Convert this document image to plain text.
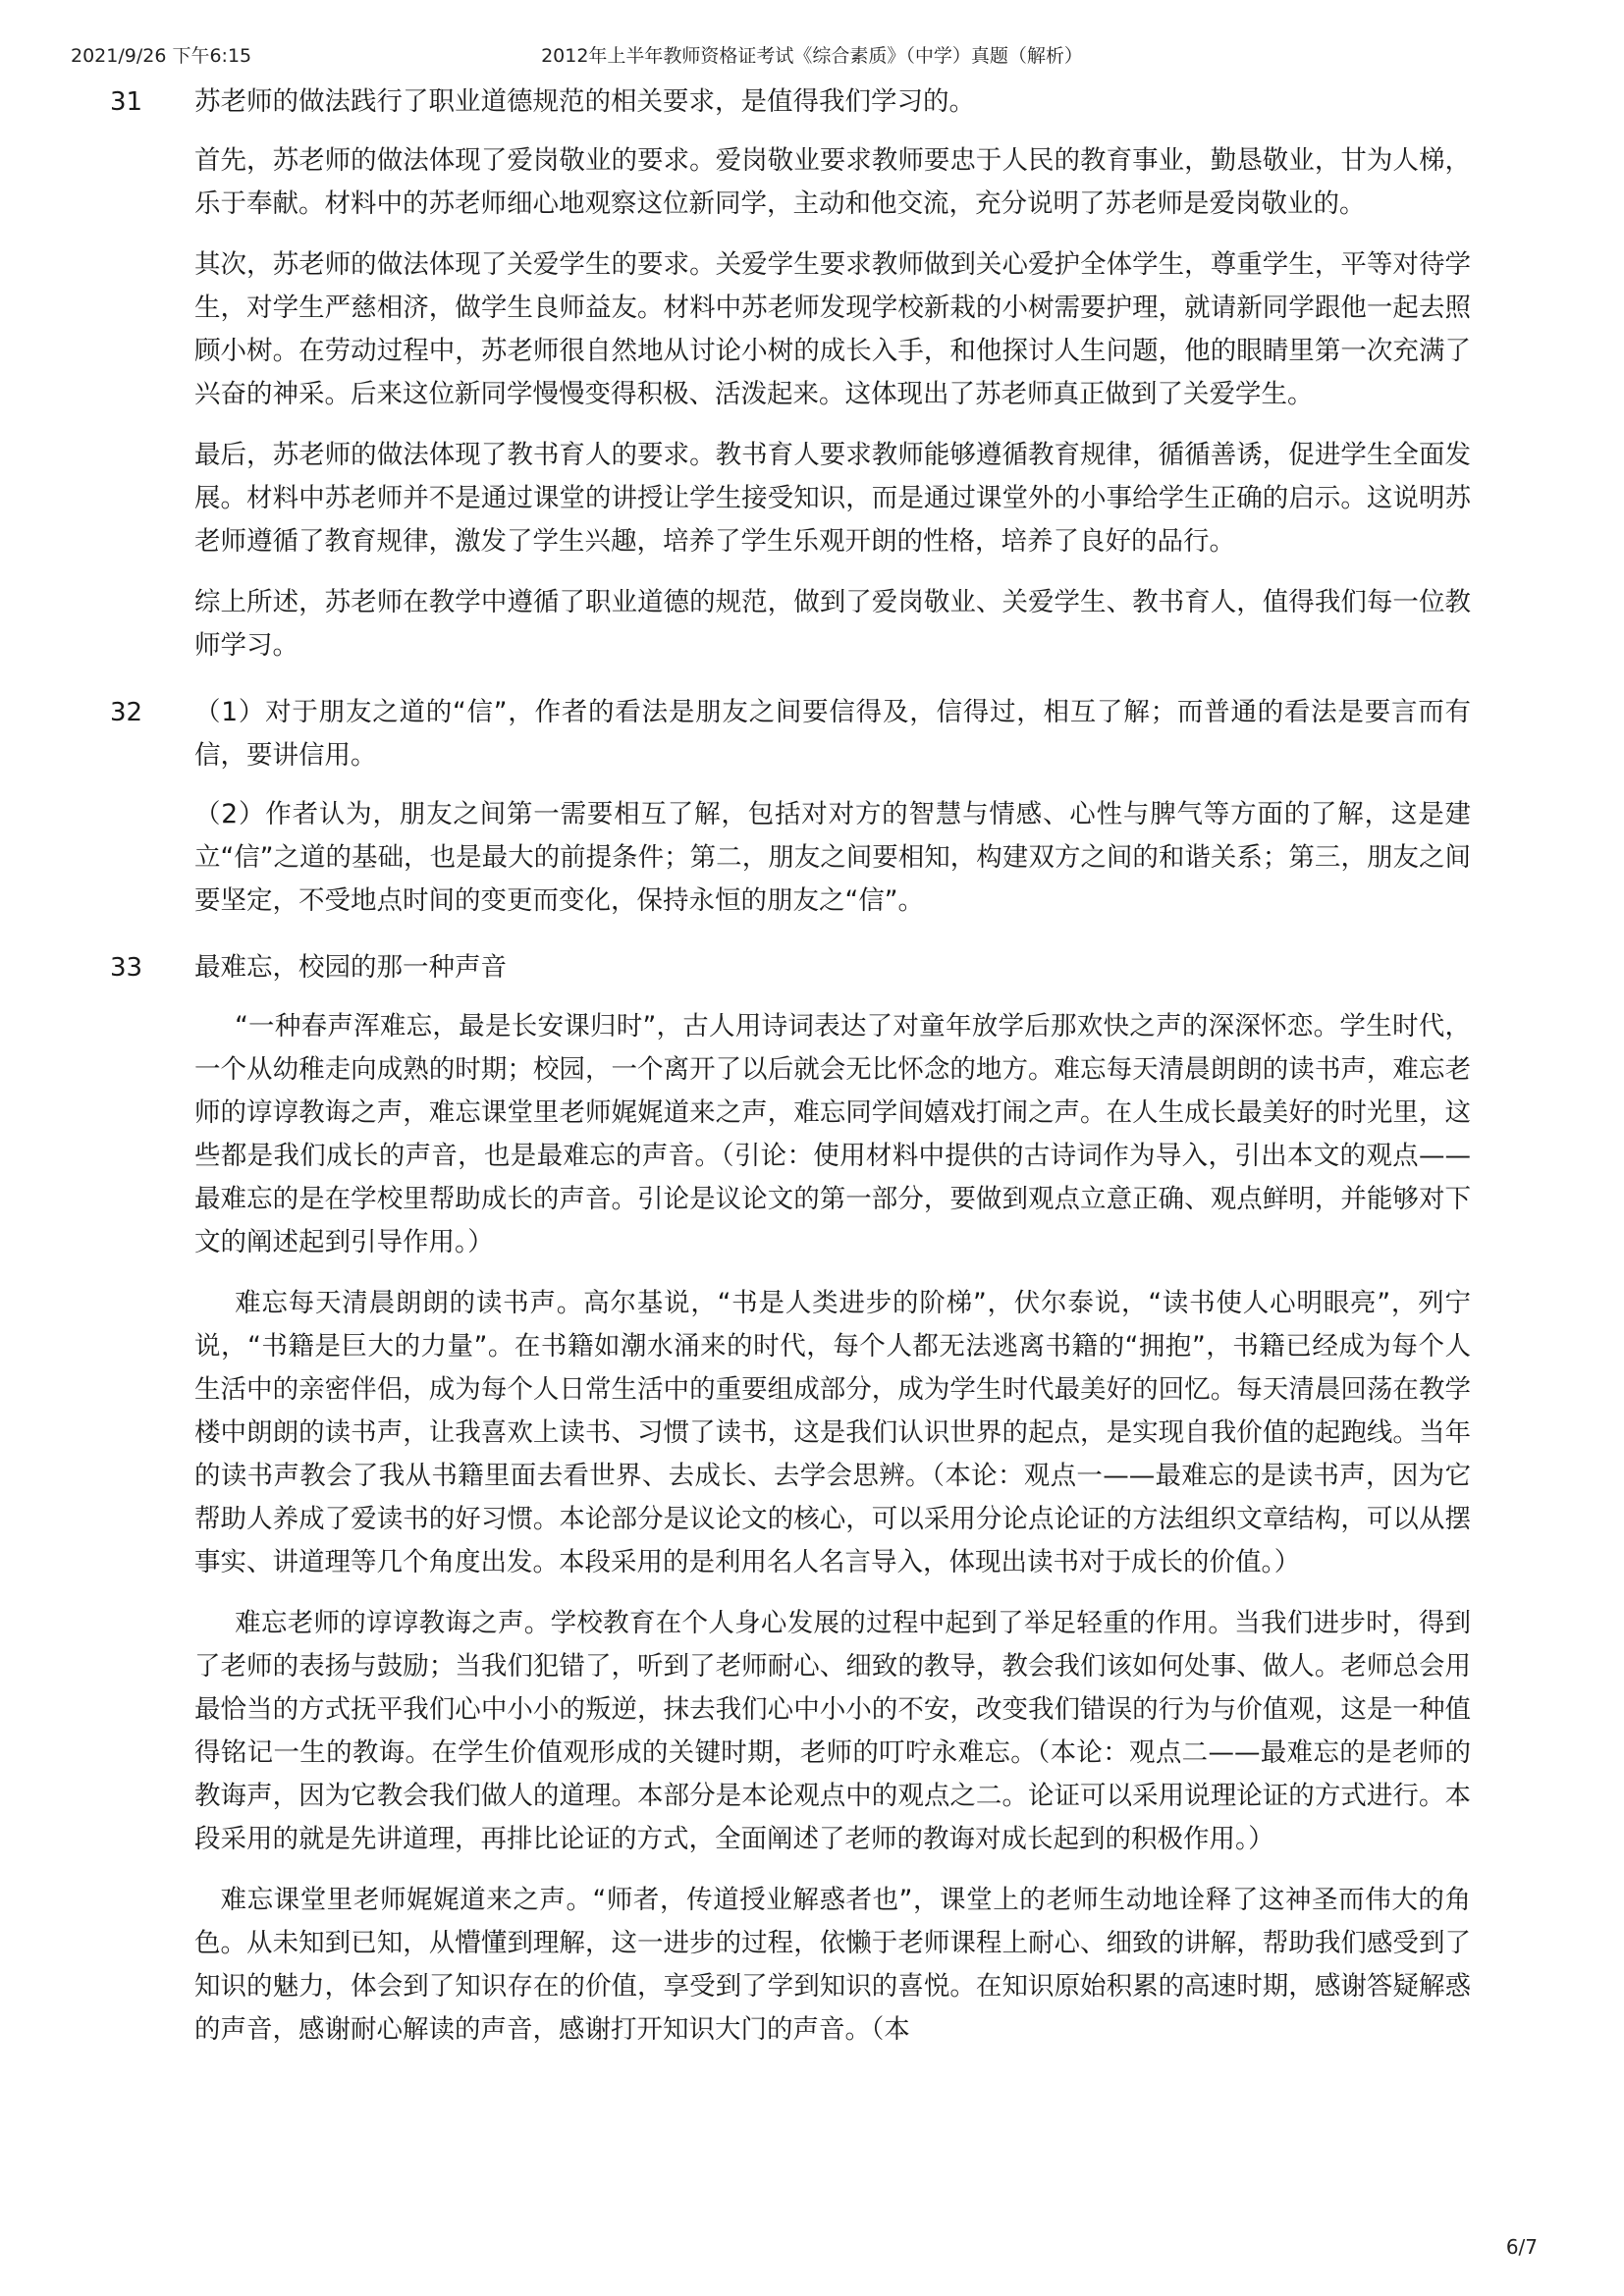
2012年上半年教师资格证考试《综合素质》（中学）真题（解析）
2021/9/26 下午6:15
31 苏老师的做法践行了职业道德规范的相关要求，是值得我们学习的。

首先，苏老师的做法体现了爱岗敬业的要求。爱岗敬业要求教师要忠于人民的教育事业，勤恳敬业，甘为人梯，乐于奉献。材料中的苏老师细心地观察这位新同学，主动和他交流，充分说明了苏老师是爱岗敬业的。

其次，苏老师的做法体现了关爱学生的要求。关爱学生要求教师做到关心爱护全体学生，尊重学生，平等对待学生，对学生严慈相济，做学生良师益友。材料中苏老师发现学校新栽的小树需要护理，就请新同学跟他一起去照顾小树。在劳动过程中，苏老师很自然地从讨论小树的成长入手，和他探讨人生问题，他的眼睛里第一次充满了兴奋的神采。后来这位新同学慢慢变得积极、活泼起来。这体现出了苏老师真正做到了关爱学生。

最后，苏老师的做法体现了教书育人的要求。教书育人要求教师能够遵循教育规律，循循善诱，促进学生全面发展。材料中苏老师并不是通过课堂的讲授让学生接受知识，而是通过课堂外的小事给学生正确的启示。这说明苏老师遵循了教育规律，激发了学生兴趣，培养了学生乐观开朗的性格，培养了良好的品行。

综上所述，苏老师在教学中遵循了职业道德的规范，做到了爱岗敬业、关爱学生、教书育人，值得我们每一位教师学习。

32 （1）对于朋友之道的“信”，作者的看法是朋友之间要信得及，信得过，相互了解；而普通的看法是要言而有信，要讲信用。

（2）作者认为，朋友之间第一需要相互了解，包括对对方的智慧与情感、心性与脾气等方面的了解，这是建立“信”之道的基础，也是最大的前提条件；第二，朋友之间要相知，构建双方之间的和谐关系；第三，朋友之间要坚定，不受地点时间的变更而变化，保持永恒的朋友之“信”。

33 最难忘，校园的那一种声音

“一种春声浑难忘，最是长安课归时”，古人用诗词表达了对童年放学后那欢快之声的深深怀恋。学生时代，一个从幼稚走向成熟的时期；校园，一个离开了以后就会无比怀念的地方。难忘每天清晨朗朗的读书声，难忘老师的谆谆教诲之声，难忘课堂里老师娓娓道来之声，难忘同学间嬉戏打闹之声。在人生成长最美好的时光里，这些都是我们成长的声音，也是最难忘的声音。（引论：使用材料中提供的古诗词作为导入，引出本文的观点——最难忘的是在学校里帮助成长的声音。引论是议论文的第一部分，要做到观点立意正确、观点鲜明，并能够对下文的阐述起到引导作用。）

难忘每天清晨朗朗的读书声。高尔基说，“书是人类进步的阶梯”，伏尔泰说，“读书使人心明眼亮”，列宁说，“书籍是巨大的力量”。在书籍如潮水涌来的时代，每个人都无法逃离书籍的“拥抱”，书籍已经成为每个人生活中的亲密伴侣，成为每个人日常生活中的重要组成部分，成为学生时代最美好的回忆。每天清晨回荡在教学楼中朗朗的读书声，让我喜欢上读书、习惯了读书，这是我们认识世界的起点，是实现自我价值的起跑线。当年的读书声教会了我从书籍里面去看世界、去成长、去学会思辨。（本论：观点一——最难忘的是读书声，因为它帮助人养成了爱读书的好习惯。本论部分是议论文的核心，可以采用分论点论证的方法组织文章结构，可以从摆事实、讲道理等几个角度出发。本段采用的是利用名人名言导入，体现出读书对于成长的价值。）

难忘老师的谆谆教诲之声。学校教育在个人身心发展的过程中起到了举足轻重的作用。当我们进步时，得到了老师的表扬与鼓励；当我们犯错了，听到了老师耐心、细致的教导，教会我们该如何处事、做人。老师总会用最恰当的方式抚平我们心中小小的叛逆，抹去我们心中小小的不安，改变我们错误的行为与价值观，这是一种值得铭记一生的教诲。在学生价值观形成的关键时期，老师的叮咛永难忘。（本论：观点二——最难忘的是老师的教诲声，因为它教会我们做人的道理。本部分是本论观点中的观点之二。论证可以采用说理论证的方式进行。本段采用的就是先讲道理，再排比论证的方式，全面阐述了老师的教诲对成长起到的积极作用。）

难忘课堂里老师娓娓道来之声。“师者，传道授业解惑者也”，课堂上的老师生动地诠释了这神圣而伟大的角色。从未知到已知，从懵懂到理解，这一进步的过程，依懒于老师课程上耐心、细致的讲解，帮助我们感受到了知识的魅力，体会到了知识存在的价值，享受到了学到知识的喜悦。在知识原始积累的高速时期，感谢答疑解惑的声音，感谢耐心解读的声音，感谢打开知识大门的声音。（本

6/7
